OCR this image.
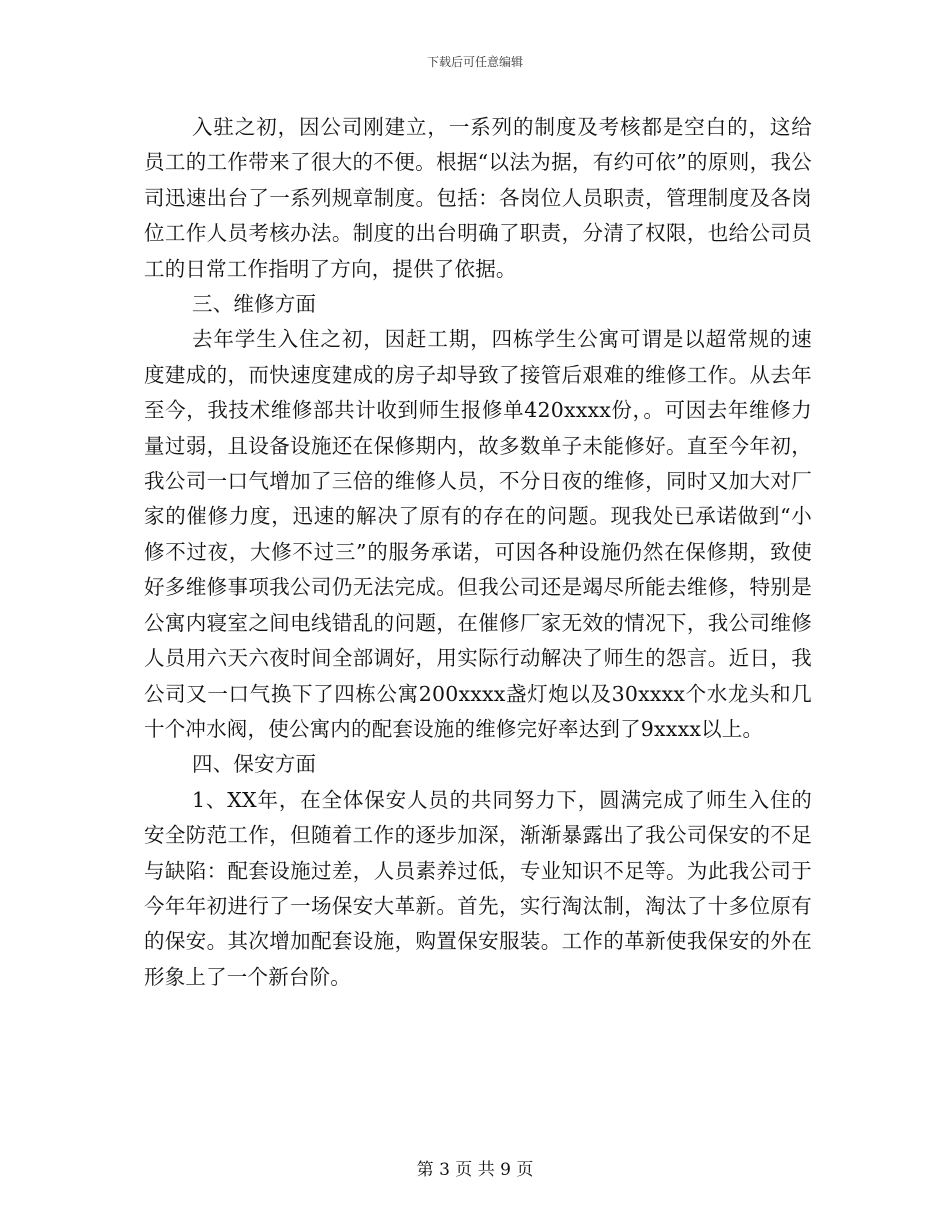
下载后可任意编辑

入驻之初，因公司刚建立，一系列的制度及考核都是空白的，这给员工的工作带来了很大的不便。根据“以法为据，有约可依”的原则，我公司迅速出台了一系列规章制度。包括：各岗位人员职责，管理制度及各岗位工作人员考核办法。制度的出台明确了职责，分清了权限，也给公司员工的日常工作指明了方向，提供了依据。

三、维修方面

去年学生入住之初，因赶工期，四栋学生公寓可谓是以超常规的速度建成的，而快速度建成的房子却导致了接管后艰难的维修工作。从去年至今，我技术维修部共计收到师生报修单420xxxx份，。可因去年维修力量过弱，且设备设施还在保修期内，故多数单子未能修好。直至今年初，我公司一口气增加了三倍的维修人员，不分日夜的维修，同时又加大对厂家的催修力度，迅速的解决了原有的存在的问题。现我处已承诺做到“小修不过夜，大修不过三”的服务承诺，可因各种设施仍然在保修期，致使好多维修事项我公司仍无法完成。但我公司还是竭尽所能去维修，特别是公寓内寝室之间电线错乱的问题，在催修厂家无效的情况下，我公司维修人员用六天六夜时间全部调好，用实际行动解决了师生的怨言。近日，我公司又一口气换下了四栋公寓200xxxx盏灯炮以及30xxxx个水龙头和几十个冲水阀，使公寓内的配套设施的维修完好率达到了9xxxx以上。

四、保安方面

1、XX年，在全体保安人员的共同努力下，圆满完成了师生入住的安全防范工作，但随着工作的逐步加深，渐渐暴露出了我公司保安的不足与缺陷：配套设施过差，人员素养过低，专业知识不足等。为此我公司于今年年初进行了一场保安大革新。首先，实行淘汰制，淘汰了十多位原有的保安。其次增加配套设施，购置保安服装。工作的革新使我保安的外在形象上了一个新台阶。

第 3 页 共 9 页
